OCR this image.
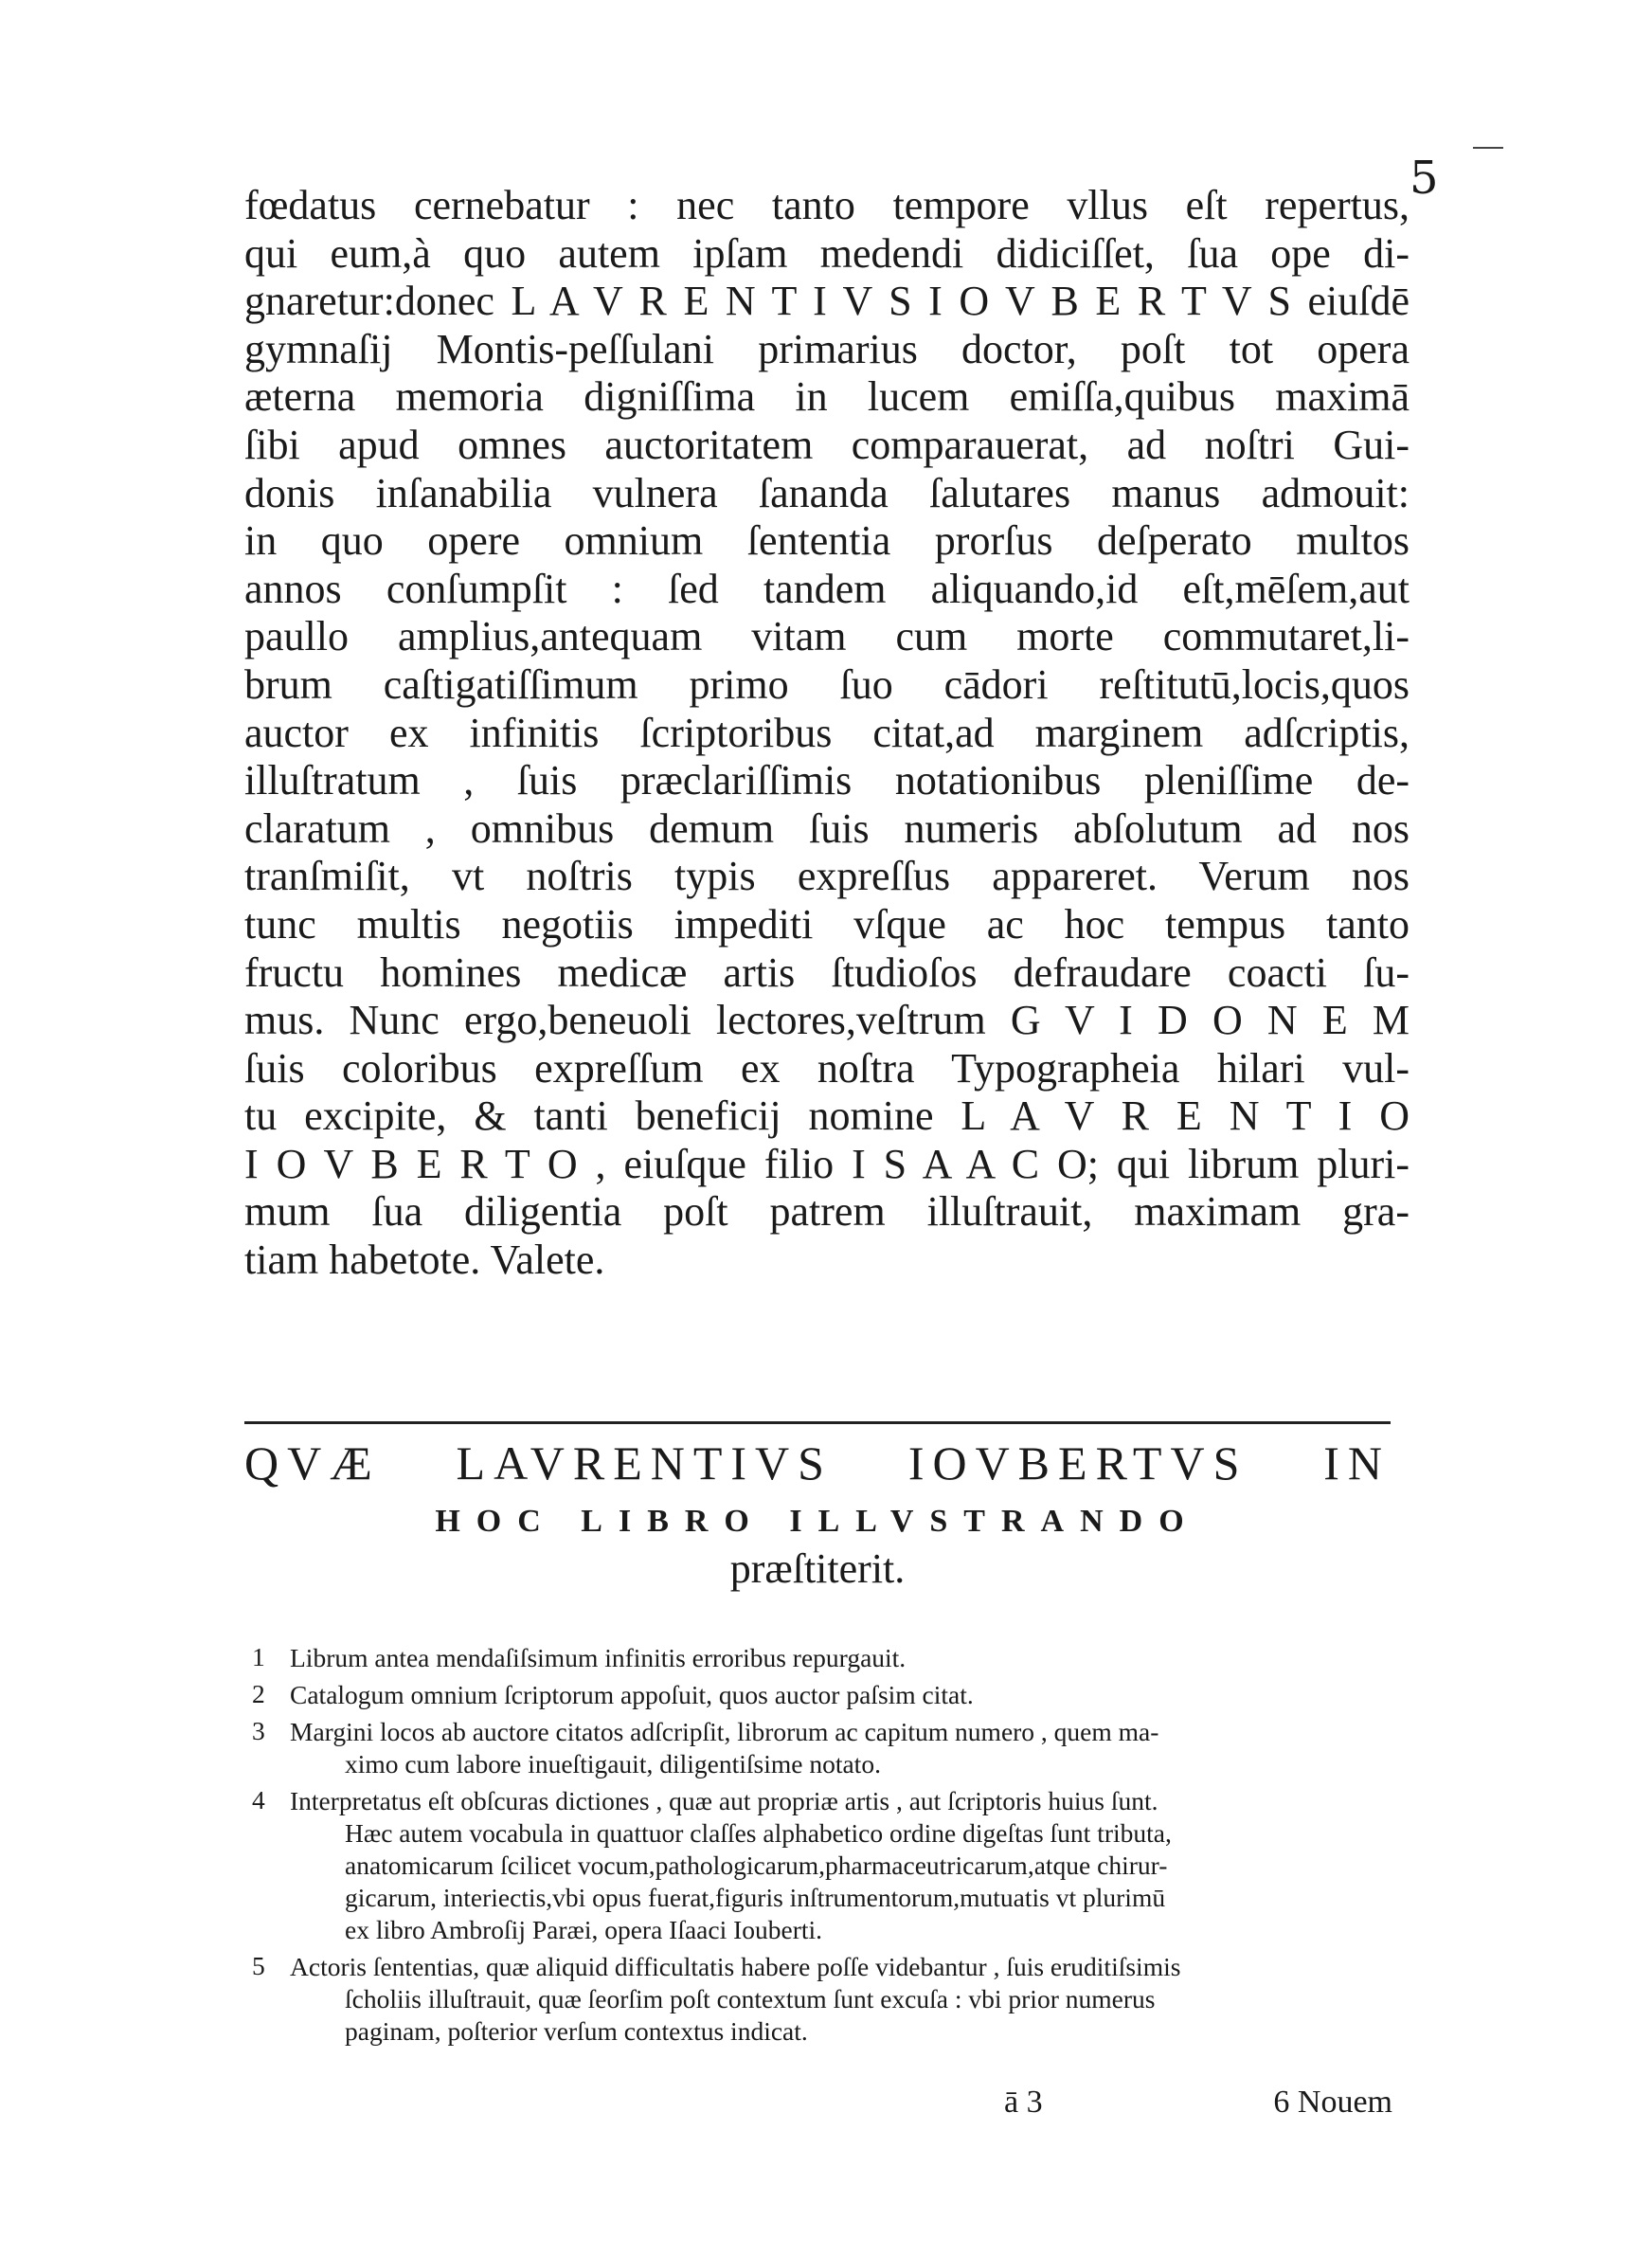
5
fœdatus cernebatur : nec tanto tempore vllus eſt repertus,
qui eum,à quo autem ipſam medendi didiciſſet, ſua ope di-
gnaretur:donec L A V R E N T I V S I O V B E R T V S eiuſdē
gymnaſij Montis-peſſulani primarius doctor, poſt tot opera
æterna memoria digniſſima in lucem emiſſa,quibus maximā
ſibi apud omnes auctoritatem comparauerat, ad noſtri Gui-
donis inſanabilia vulnera ſananda ſalutares manus admouit:
in quo opere omnium ſententia prorſus deſperato multos
annos conſumpſit : ſed tandem aliquando,id eſt,mēſem,aut
paullo amplius,antequam vitam cum morte commutaret,li-
brum caſtigatiſſimum primo ſuo cādori reſtitutū,locis,quos
auctor ex infinitis ſcriptoribus citat,ad marginem adſcriptis,
illuſtratum , ſuis præclariſſimis notationibus pleniſſime de-
claratum , omnibus demum ſuis numeris abſolutum ad nos
tranſmiſit, vt noſtris typis expreſſus appareret. Verum nos
tunc multis negotiis impediti vſque ac hoc tempus tanto
fructu homines medicæ artis ſtudioſos defraudare coacti ſu-
mus. Nunc ergo,beneuoli lectores,veſtrum G V I D O N E M
ſuis coloribus expreſſum ex noſtra Typographeia hilari vul-
tu excipite, & tanti beneficij nomine L A V R E N T I O
I O V B E R T O , eiuſque filio I S A A C O; qui librum pluri-
mum ſua diligentia poſt patrem illuſtrauit, maximam gra-
tiam habetote. Valete.
QVÆ LAVRENTIVS IOVBERTVS IN
HOC LIBRO ILLVSTRANDO
præſtiterit.
1 Librum antea mendaſiſsimum infinitis erroribus repurgauit.
2 Catalogum omnium ſcriptorum appoſuit, quos auctor paſsim citat.
3 Margini locos ab auctore citatos adſcripſit, librorum ac capitum numero , quem ma-
ximo cum labore inueſtigauit, diligentiſsime notato.
4 Interpretatus eſt obſcuras dictiones , quæ aut propriæ artis , aut ſcriptoris huius ſunt.
Hæc autem vocabula in quattuor claſſes alphabetico ordine digeſtas ſunt tributa,
anatomicarum ſcilicet vocum,pathologicarum,pharmaceutricarum,atque chirur-
gicarum, interiectis,vbi opus fuerat,figuris inſtrumentorum,mutuatis vt plurimū
ex libro Ambroſij Paræi, opera Iſaaci Iouberti.
5 Actoris ſententias, quæ aliquid difficultatis habere poſſe videbantur , ſuis eruditiſsimis
ſcholiis illuſtrauit, quæ ſeorſim poſt contextum ſunt excuſa : vbi prior numerus
paginam, poſterior verſum contextus indicat.
ā 3	6 Nouem
